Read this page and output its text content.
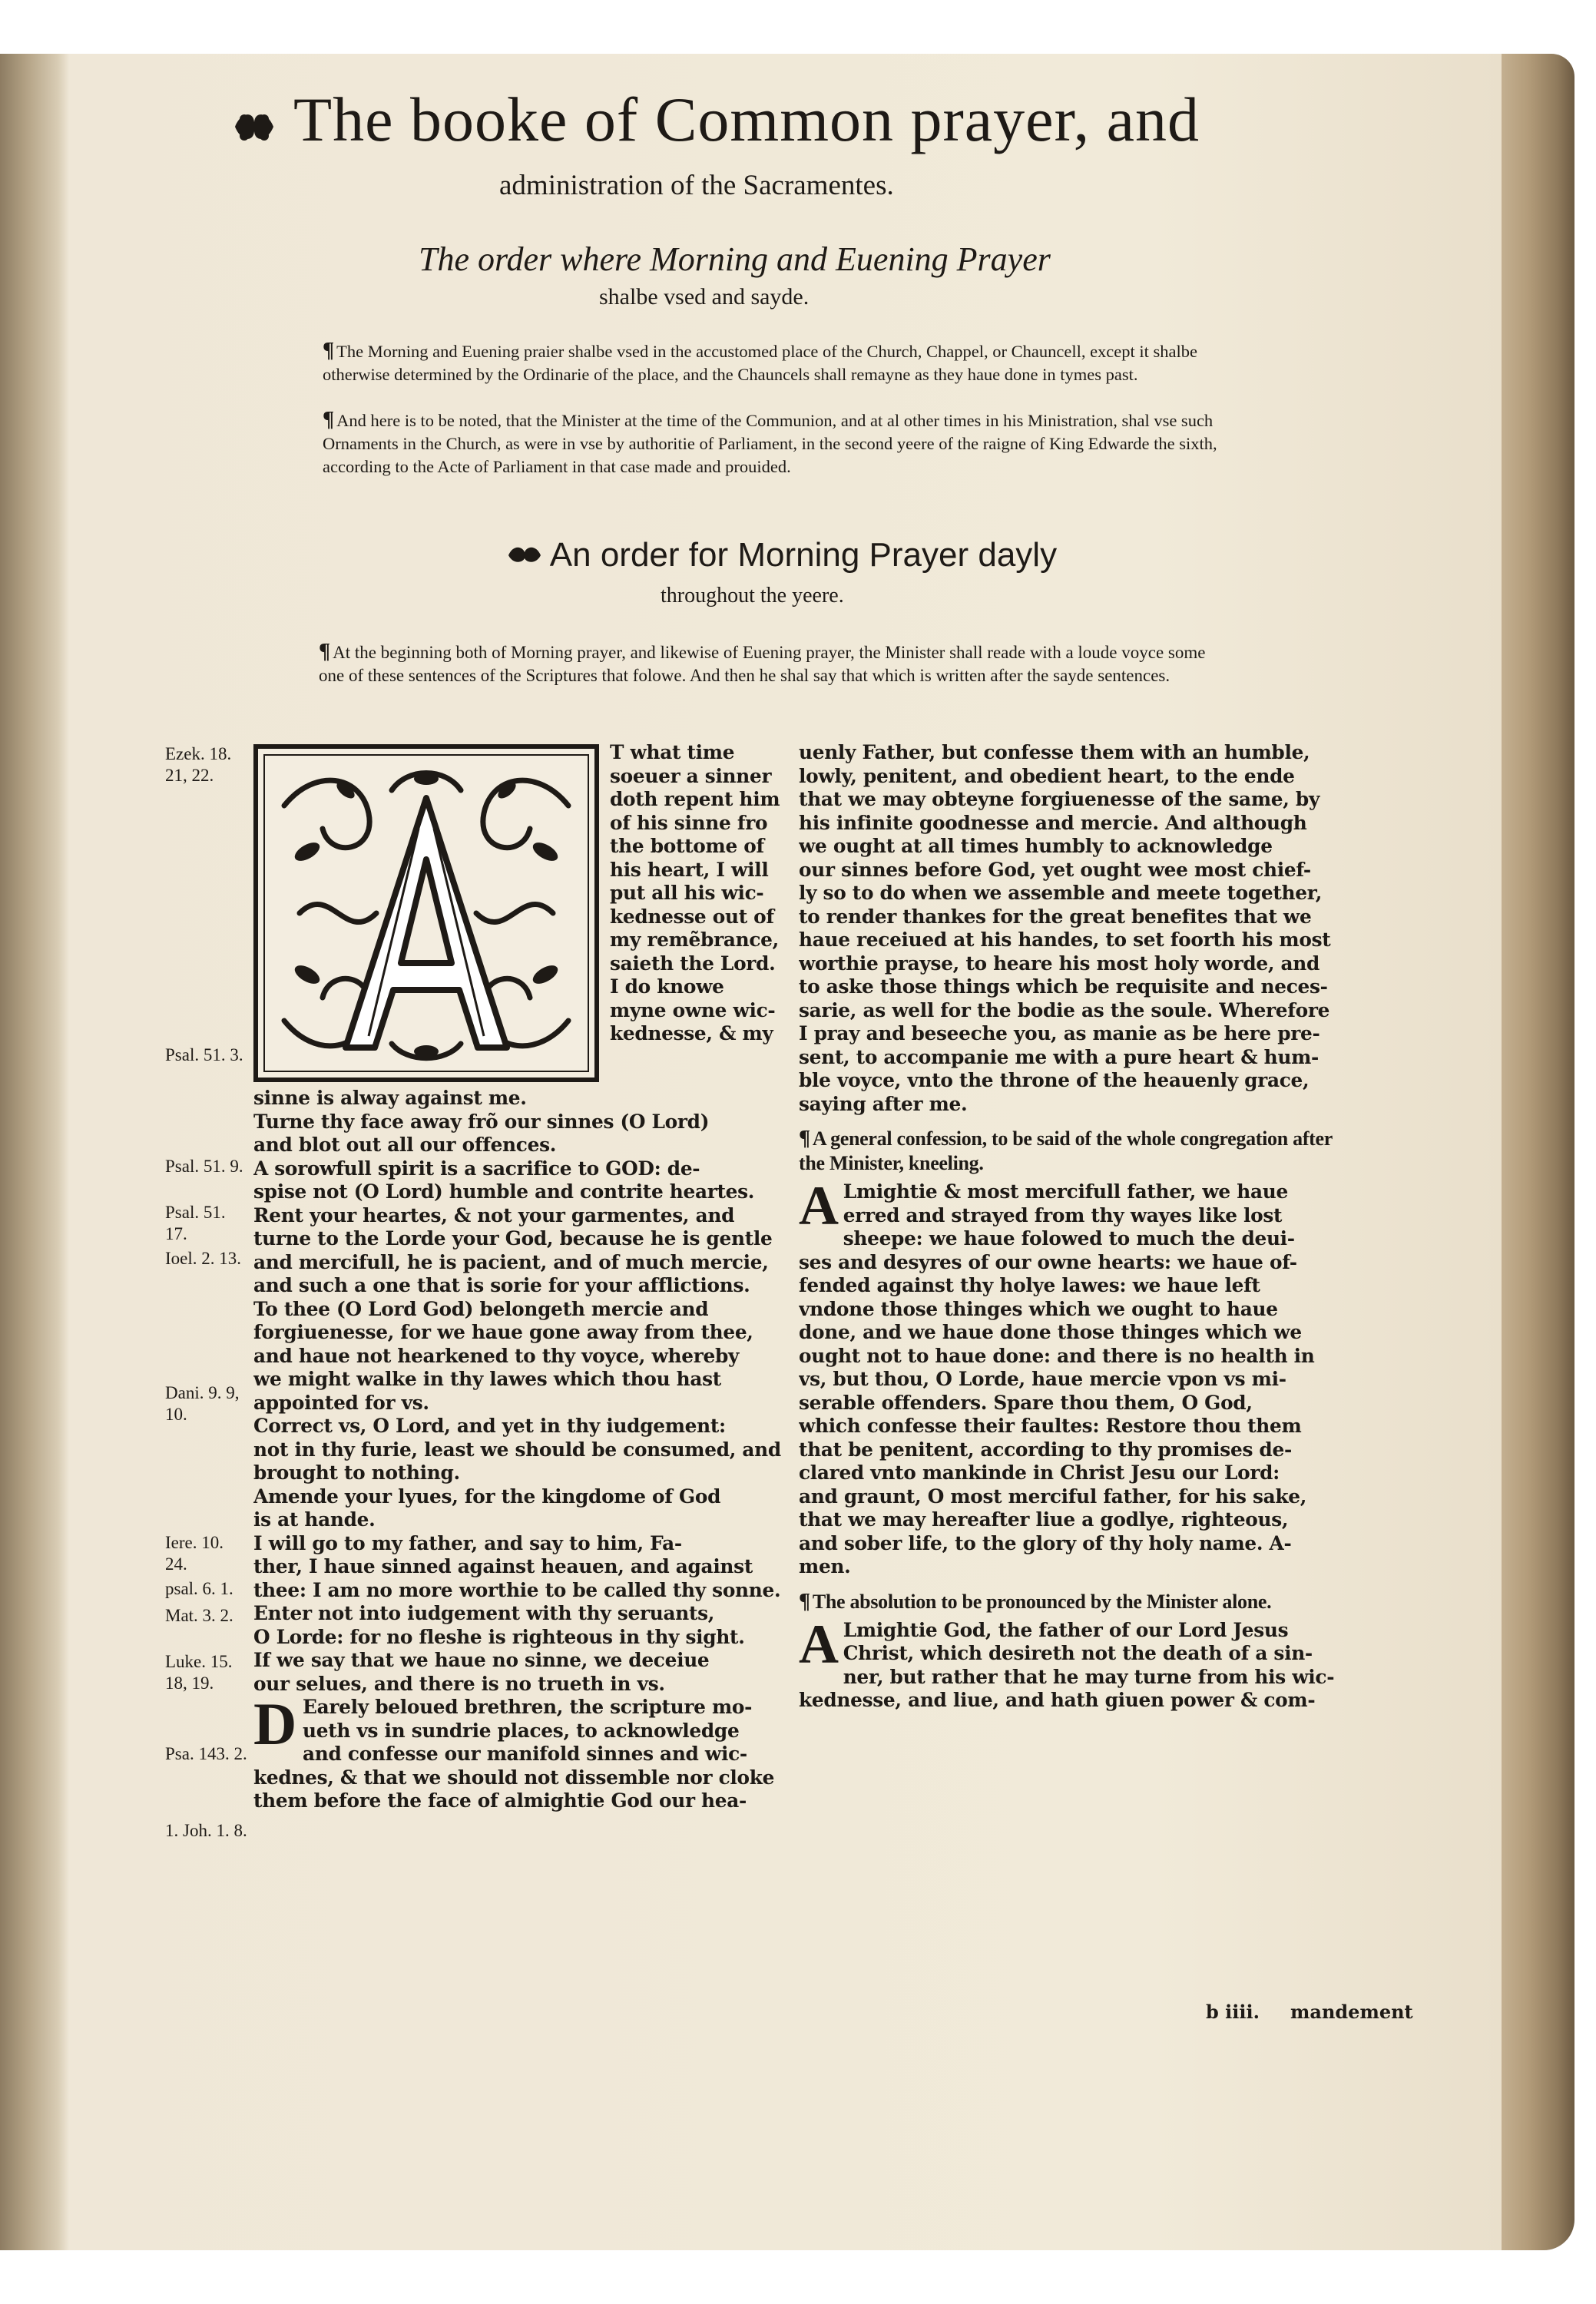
The booke of Common prayer, and
administration of the Sacramentes.
The order where Morning and Euening Prayer
shalbe vsed and sayde.
¶ The Morning and Euening praier shalbe vsed in the accustomed place of the Church, Chappel, or Chauncell, except it shalbe otherwise determined by the Ordinarie of the place, and the Chauncels shall remayne as they haue done in tymes past.
¶ And here is to be noted, that the Minister at the time of the Communion, and at al other times in his Ministration, shal vse such Ornaments in the Church, as were in vse by authoritie of Parliament, in the second yeere of the raigne of King Edwarde the sixth, according to the Acte of Parliament in that case made and prouided.
An order for Morning Prayer dayly
throughout the yeere.
¶ At the beginning both of Morning prayer, and likewise of Euening prayer, the Minister shall reade with a loude voyce some one of these sentences of the Scriptures that folowe. And then he shal say that which is written after the sayde sentences.
Ezek. 18. 21, 22.
Psal. 51. 3.
Psal. 51. 9.
Psal. 51. 17.
Ioel. 2. 13.
Dani. 9. 9, 10.
Iere. 10. 24.
psal. 6. 1.
Mat. 3. 2.
Luke. 15. 18, 19.
Psa. 143. 2.
1. Joh. 1. 8.
T what time
soeuer a sinner
doth repent him
of his sinne fro
the bottome of
his heart, I will
put all his wic-
kednesse out of
my remẽbrance,
saieth the Lord.
I do knowe
myne owne wic-
kednesse, & my
sinne is alway against me.
Turne thy face away frõ our sinnes (O Lord)
and blot out all our offences.
A sorowfull spirit is a sacrifice to GOD: de-
spise not (O Lord) humble and contrite heartes.
Rent your heartes, & not your garmentes, and
turne to the Lorde your God, because he is gentle
and mercifull, he is pacient, and of much mercie,
and such a one that is sorie for your afflictions.
To thee (O Lord God) belongeth mercie and
forgiuenesse, for we haue gone away from thee,
and haue not hearkened to thy voyce, whereby
we might walke in thy lawes which thou hast
appointed for vs.
Correct vs, O Lord, and yet in thy iudgement:
not in thy furie, least we should be consumed, and
brought to nothing.
Amende your lyues, for the kingdome of God
is at hande.
I will go to my father, and say to him, Fa-
ther, I haue sinned against heauen, and against
thee: I am no more worthie to be called thy sonne.
Enter not into iudgement with thy seruants,
O Lorde: for no fleshe is righteous in thy sight.
If we say that we haue no sinne, we deceiue
our selues, and there is no trueth in vs.
D Earely beloued brethren, the scripture mo-
ueth vs in sundrie places, to acknowledge
and confesse our manifold sinnes and wic-
kednes, & that we should not dissemble nor cloke
them before the face of almightie God our hea-
uenly Father, but confesse them with an humble,
lowly, penitent, and obedient heart, to the ende
that we may obteyne forgiuenesse of the same, by
his infinite goodnesse and mercie. And although
we ought at all times humbly to acknowledge
our sinnes before God, yet ought wee most chief-
ly so to do when we assemble and meete together,
to render thankes for the great benefites that we
haue receiued at his handes, to set foorth his most
worthie prayse, to heare his most holy worde, and
to aske those things which be requisite and neces-
sarie, as well for the bodie as the soule. Wherefore
I pray and beseeche you, as manie as be here pre-
sent, to accompanie me with a pure heart & hum-
ble voyce, vnto the throne of the heauenly grace,
saying after me.
¶ A general confession, to be said of the whole congregation after the Minister, kneeling.
A Lmightie & most mercifull father, we haue
erred and strayed from thy wayes like lost
sheepe: we haue folowed to much the deui-
ses and desyres of our owne hearts: we haue of-
fended against thy holye lawes: we haue left
vndone those thinges which we ought to haue
done, and we haue done those thinges which we
ought not to haue done: and there is no health in
vs, but thou, O Lorde, haue mercie vpon vs mi-
serable offenders. Spare thou them, O God,
which confesse their faultes: Restore thou them
that be penitent, according to thy promises de-
clared vnto mankinde in Christ Jesu our Lord:
and graunt, O most merciful father, for his sake,
that we may hereafter liue a godlye, righteous,
and sober life, to the glory of thy holy name. A-
men.
¶ The absolution to be pronounced by the Minister alone.
A Lmightie God, the father of our Lord Jesus
Christ, which desireth not the death of a sin-
ner, but rather that he may turne from his wic-
kednesse, and liue, and hath giuen power & com-
b iiii. mandement
